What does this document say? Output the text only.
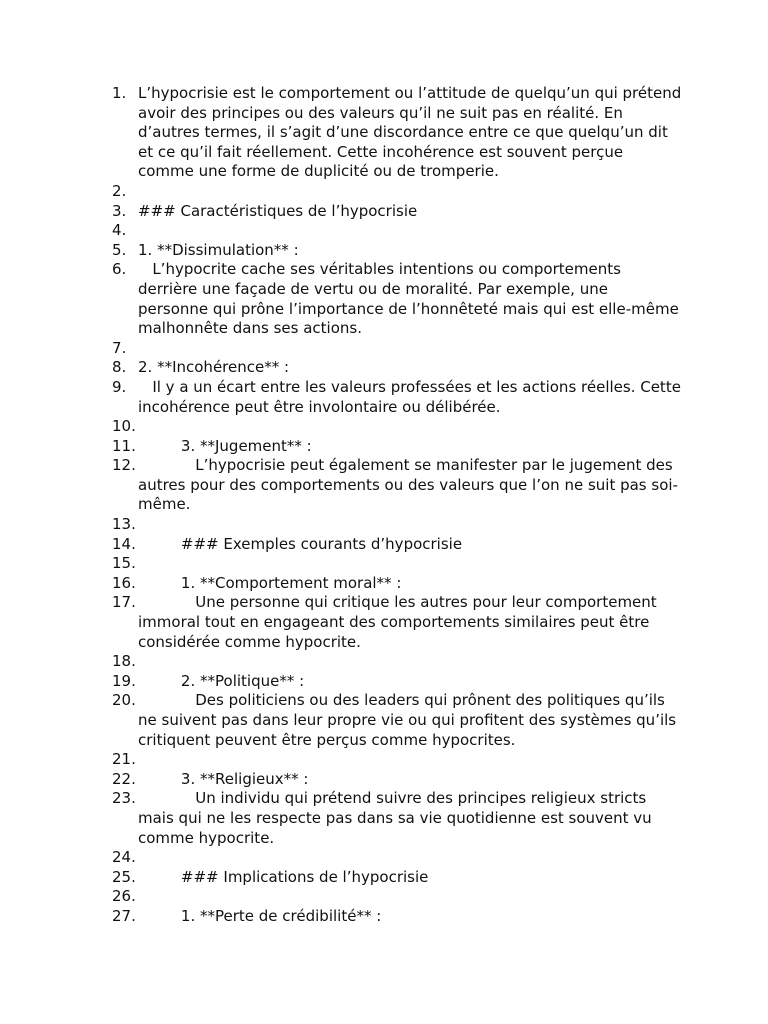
1. L’hypocrisie est le comportement ou l’attitude de quelqu’un qui prétend avoir des principes ou des valeurs qu’il ne suit pas en réalité. En d’autres termes, il s’agit d’une discordance entre ce que quelqu’un dit et ce qu’il fait réellement. Cette incohérence est souvent perçue comme une forme de duplicité ou de tromperie.
2.
3. ### Caractéristiques de l’hypocrisie
4.
5. 1. **Dissimulation** :
6. L’hypocrite cache ses véritables intentions ou comportements derrière une façade de vertu ou de moralité. Par exemple, une personne qui prône l’importance de l’honnêteté mais qui est elle-même malhonnête dans ses actions.
7.
8. 2. **Incohérence** :
9. Il y a un écart entre les valeurs professées et les actions réelles. Cette incohérence peut être involontaire ou délibérée.
10.
11. 3. **Jugement** :
12. L’hypocrisie peut également se manifester par le jugement des autres pour des comportements ou des valeurs que l’on ne suit pas soi-même.
13.
14. ### Exemples courants d’hypocrisie
15.
16. 1. **Comportement moral** :
17. Une personne qui critique les autres pour leur comportement immoral tout en engageant des comportements similaires peut être considérée comme hypocrite.
18.
19. 2. **Politique** :
20. Des politiciens ou des leaders qui prônent des politiques qu’ils ne suivent pas dans leur propre vie ou qui profitent des systèmes qu’ils critiquent peuvent être perçus comme hypocrites.
21.
22. 3. **Religieux** :
23. Un individu qui prétend suivre des principes religieux stricts mais qui ne les respecte pas dans sa vie quotidienne est souvent vu comme hypocrite.
24.
25. ### Implications de l’hypocrisie
26.
27. 1. **Perte de crédibilité** :
